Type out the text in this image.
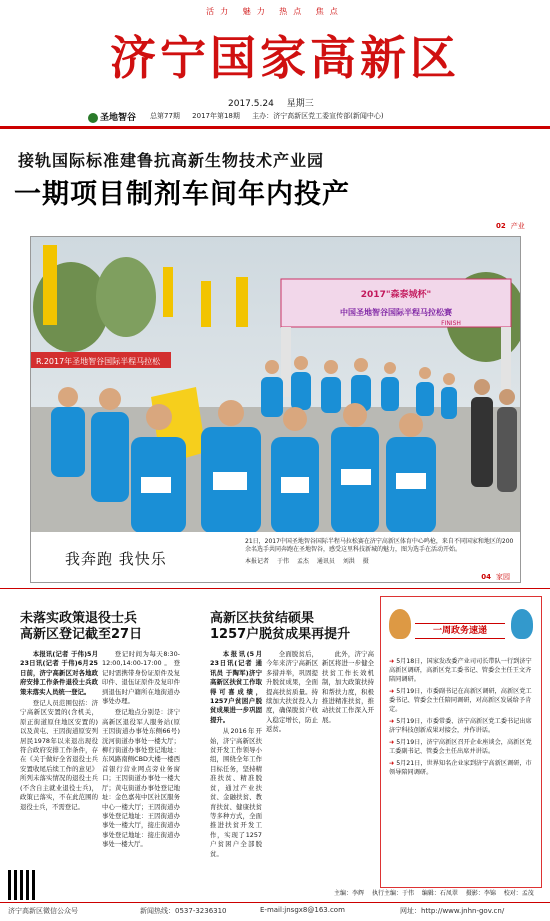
活力 魅力 热点 焦点
济宁国家高新区
2017.5.24 星期三
圣地智谷 总第77期 2017年第18期 主办：济宁高新区党工委宣传部(新闻中心)
接轨国际标准建鲁抗高新生物技术产业园
一期项目制剂车间年内投产
02 产业
2017"森泰城杯"
中国圣地智谷国际半程马拉松赛
FINISH
R.2017年圣地智谷国际半程马拉松
我奔跑 我快乐
21日，2017中国圣地智谷国际半程马拉松赛在济宁高新区体育中心鸣枪，来自不同国家和地区的200余名选手共同奔跑在圣地智谷，感受这里科技新城的魅力，图为选手在活动开始。
本报记者 于伟 孟杰 通讯员 刘洪 摄
04 家园
未落实政策退役士兵
高新区登记截至27日

本报讯(记者 于伟)5月23日讯(记者 于伟)6月25日前，济宁高新区对各地政府安排工作条件退役士兵政策未落实人员统一登记。

登记人员范围包括：济宁高新区安置的(含机关，原正街道原住地区安置的)以及黄屯、王因街道原安列居民1978年以来退出现役符合政府安排工作条件，存在《关于做好全省退役士兵安置收尾后续工作的意见》所列未落实情况的退役士兵(不含自主就业退役士兵)，政策已落实，不在此范围的退役士兵，不需登记。

登记时间为每天8:30-12:00,14:00-17:00。登记时需携带身份证原件及复印件、退伍证原件及复印件到退伍时户籍所在地街道办事处办理。

登记地点分别是：济宁高新区退役军人服务站(原王因街道办事处东侧66号)洸河街道办事处一楼大厅；柳行街道办事处登记地址：东风路南侧CBD大楼一楼西首银行营业网点旁业务窗口；王因街道办事处一楼大厅；黄屯街道办事处登记地址：金色嘉苑中区社区服务中心一楼大厅；王因街道办事处登记地址：王因街道办事处一楼大厅，接庄街道办事处登记地址：接庄街道办事处一楼大厅。

高新区扶贫结硕果
1257户脱贫成果再提升

本报讯(5月23日讯(记者 通讯员 于陶军)济宁高新区扶贫工作取得可喜成绩，1257户贫困户脱贫成果进一步巩固提升。

从2016年开始，济宁高新区扶贫开发工作领导小组，围绕全年工作目标任务，坚持精准扶贫、精准脱贫，通过产业扶贫、金融扶贫、教育扶贫、健康扶贫等多种方式，全面推进扶贫开发工作，实现了1257户贫困户全部脱贫。

全面脱贫后，今年来济宁高新区多措并举，巩固提升脱贫成果，全面提高扶贫质量。持续加大扶贫投入力度，确保脱贫户收入稳定增长，防止返贫。

此外，济宁高新区将进一步健全扶贫工作长效机制，加大政策扶持和帮扶力度，积极推进精准扶贫，推动扶贫工作深入开展。

一周政务速递

➜ 5月18日，国家发改委产业司司长带队一行到济宁高新区调研，高新区党工委书记、管委会主任王文齐陪同调研。

➜ 5月19日，市委副书记在高新区调研，高新区党工委书记、管委会主任陪同调研，对高新区发展给予肯定。

➜ 5月19日，市委常委、济宁高新区党工委书记出席济宁科技创新成果对接会，并作讲话。

➜ 5月19日，济宁高新区召开企业座谈会，高新区党工委副书记、管委会主任出席并讲话。

➜ 5月21日，世界知名企业家到济宁高新区调研，市领导陪同调研。

主编：李辉 执行主编：于伟 编辑：石凤翠 摄影：李锦 校对：孟茂
济宁高新区微信公众号	新闻热线：0537-3236310	E-mail:jnsgx8@163.com	网址：http://www.jnhn-gov.cn/
